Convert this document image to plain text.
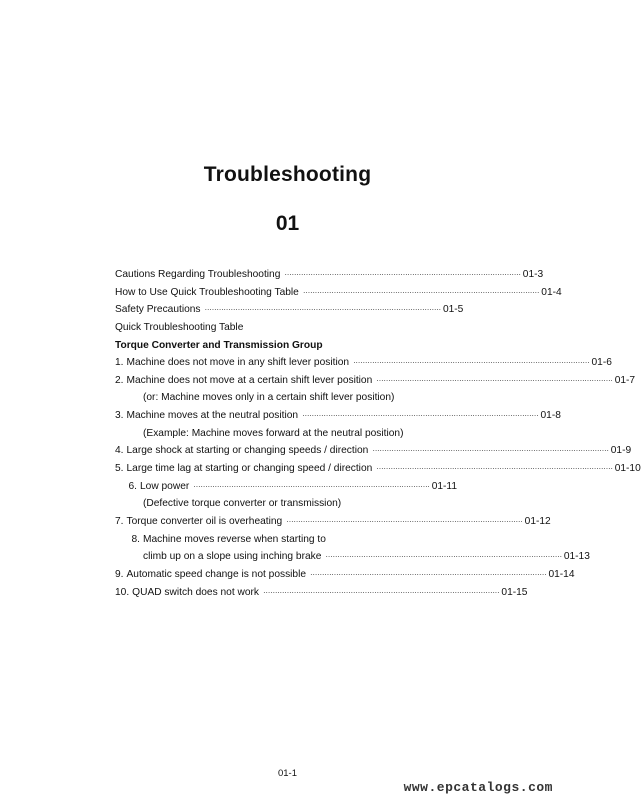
Troubleshooting
01
Cautions Regarding Troubleshooting ···································································································· 01-3
How to Use Quick Troubleshooting Table ···································································································· 01-4
Safety Precautions ···································································································· 01-5
Quick Troubleshooting Table
Torque Converter and Transmission Group
1. Machine does not move in any shift lever position ···································································································· 01-6
2. Machine does not move at a certain shift lever position ···································································································· 01-7
(or: Machine moves only in a certain shift lever position)
3. Machine moves at the neutral position ···································································································· 01-8
(Example: Machine moves forward at the neutral position)
4. Large shock at starting or changing speeds / direction ···································································································· 01-9
5. Large time lag at starting or changing speed / direction ···································································································· 01-10
6. Low power ···································································································· 01-11
(Defective torque converter or transmission)
7. Torque converter oil is overheating ···································································································· 01-12
8. Machine moves reverse when starting to
climb up on a slope using inching brake ···································································································· 01-13
9. Automatic speed change is not possible ···································································································· 01-14
10. QUAD switch does not work ···································································································· 01-15
01-1
www.epcatalogs.com
